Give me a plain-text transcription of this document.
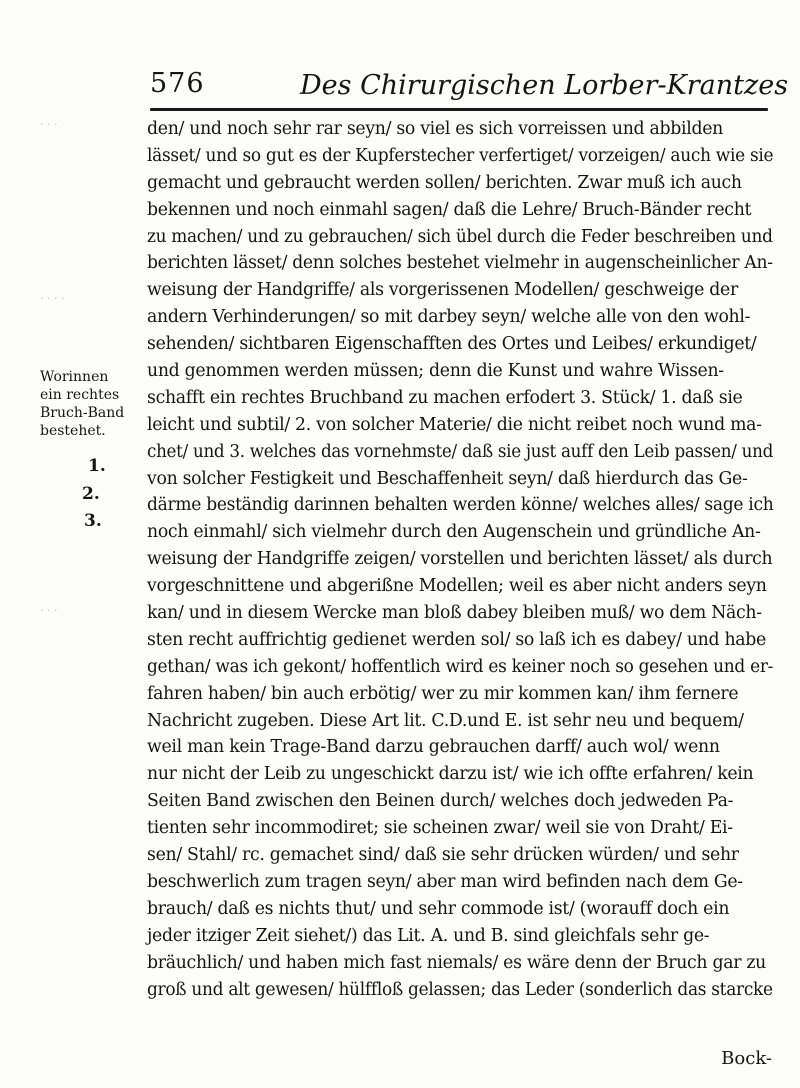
576	Des Chirurgischen Lorber-Krantzes
· · ·
· · · ·
· · ·
Worinnen
ein rechtes
Bruch-Band
bestehet.
1.
2.
3.
den/ und noch sehr rar seyn/ so viel es sich vorreissen und abbilden
lässet/ und so gut es der Kupferstecher verfertiget/ vorzeigen/ auch wie sie
gemacht und gebraucht werden sollen/ berichten. Zwar muß ich auch
bekennen und noch einmahl sagen/ daß die Lehre/ Bruch-Bänder recht
zu machen/ und zu gebrauchen/ sich übel durch die Feder beschreiben und
berichten lässet/ denn solches bestehet vielmehr in augenscheinlicher An-
weisung der Handgriffe/ als vorgerissenen Modellen/ geschweige der
andern Verhinderungen/ so mit darbey seyn/ welche alle von den wohl-
sehenden/ sichtbaren Eigenschafften des Ortes und Leibes/ erkundiget/
und genommen werden müssen; denn die Kunst und wahre Wissen-
schafft ein rechtes Bruchband zu machen erfodert 3. Stück/ 1. daß sie
leicht und subtil/ 2. von solcher Materie/ die nicht reibet noch wund ma-
chet/ und 3. welches das vornehmste/ daß sie just auff den Leib passen/ und
von solcher Festigkeit und Beschaffenheit seyn/ daß hierdurch das Ge-
därme beständig darinnen behalten werden könne/ welches alles/ sage ich
noch einmahl/ sich vielmehr durch den Augenschein und gründliche An-
weisung der Handgriffe zeigen/ vorstellen und berichten lässet/ als durch
vorgeschnittene und abgerißne Modellen; weil es aber nicht anders seyn
kan/ und in diesem Wercke man bloß dabey bleiben muß/ wo dem Näch-
sten recht auffrichtig gedienet werden sol/ so laß ich es dabey/ und habe
gethan/ was ich gekont/ hoffentlich wird es keiner noch so gesehen und er-
fahren haben/ bin auch erbötig/ wer zu mir kommen kan/ ihm fernere
Nachricht zugeben. Diese Art lit. C.D.und E. ist sehr neu und bequem/
weil man kein Trage-Band darzu gebrauchen darff/ auch wol/ wenn
nur nicht der Leib zu ungeschickt darzu ist/ wie ich offte erfahren/ kein
Seiten Band zwischen den Beinen durch/ welches doch jedweden Pa-
tienten sehr incommodiret; sie scheinen zwar/ weil sie von Draht/ Ei-
sen/ Stahl/ rc. gemachet sind/ daß sie sehr drücken würden/ und sehr
beschwerlich zum tragen seyn/ aber man wird befinden nach dem Ge-
brauch/ daß es nichts thut/ und sehr commode ist/ (worauff doch ein
jeder itziger Zeit siehet/) das Lit. A. und B. sind gleichfals sehr ge-
bräuchlich/ und haben mich fast niemals/ es wäre denn der Bruch gar zu
groß und alt gewesen/ hülffloß gelassen; das Leder (sonderlich das starcke
Bock-
